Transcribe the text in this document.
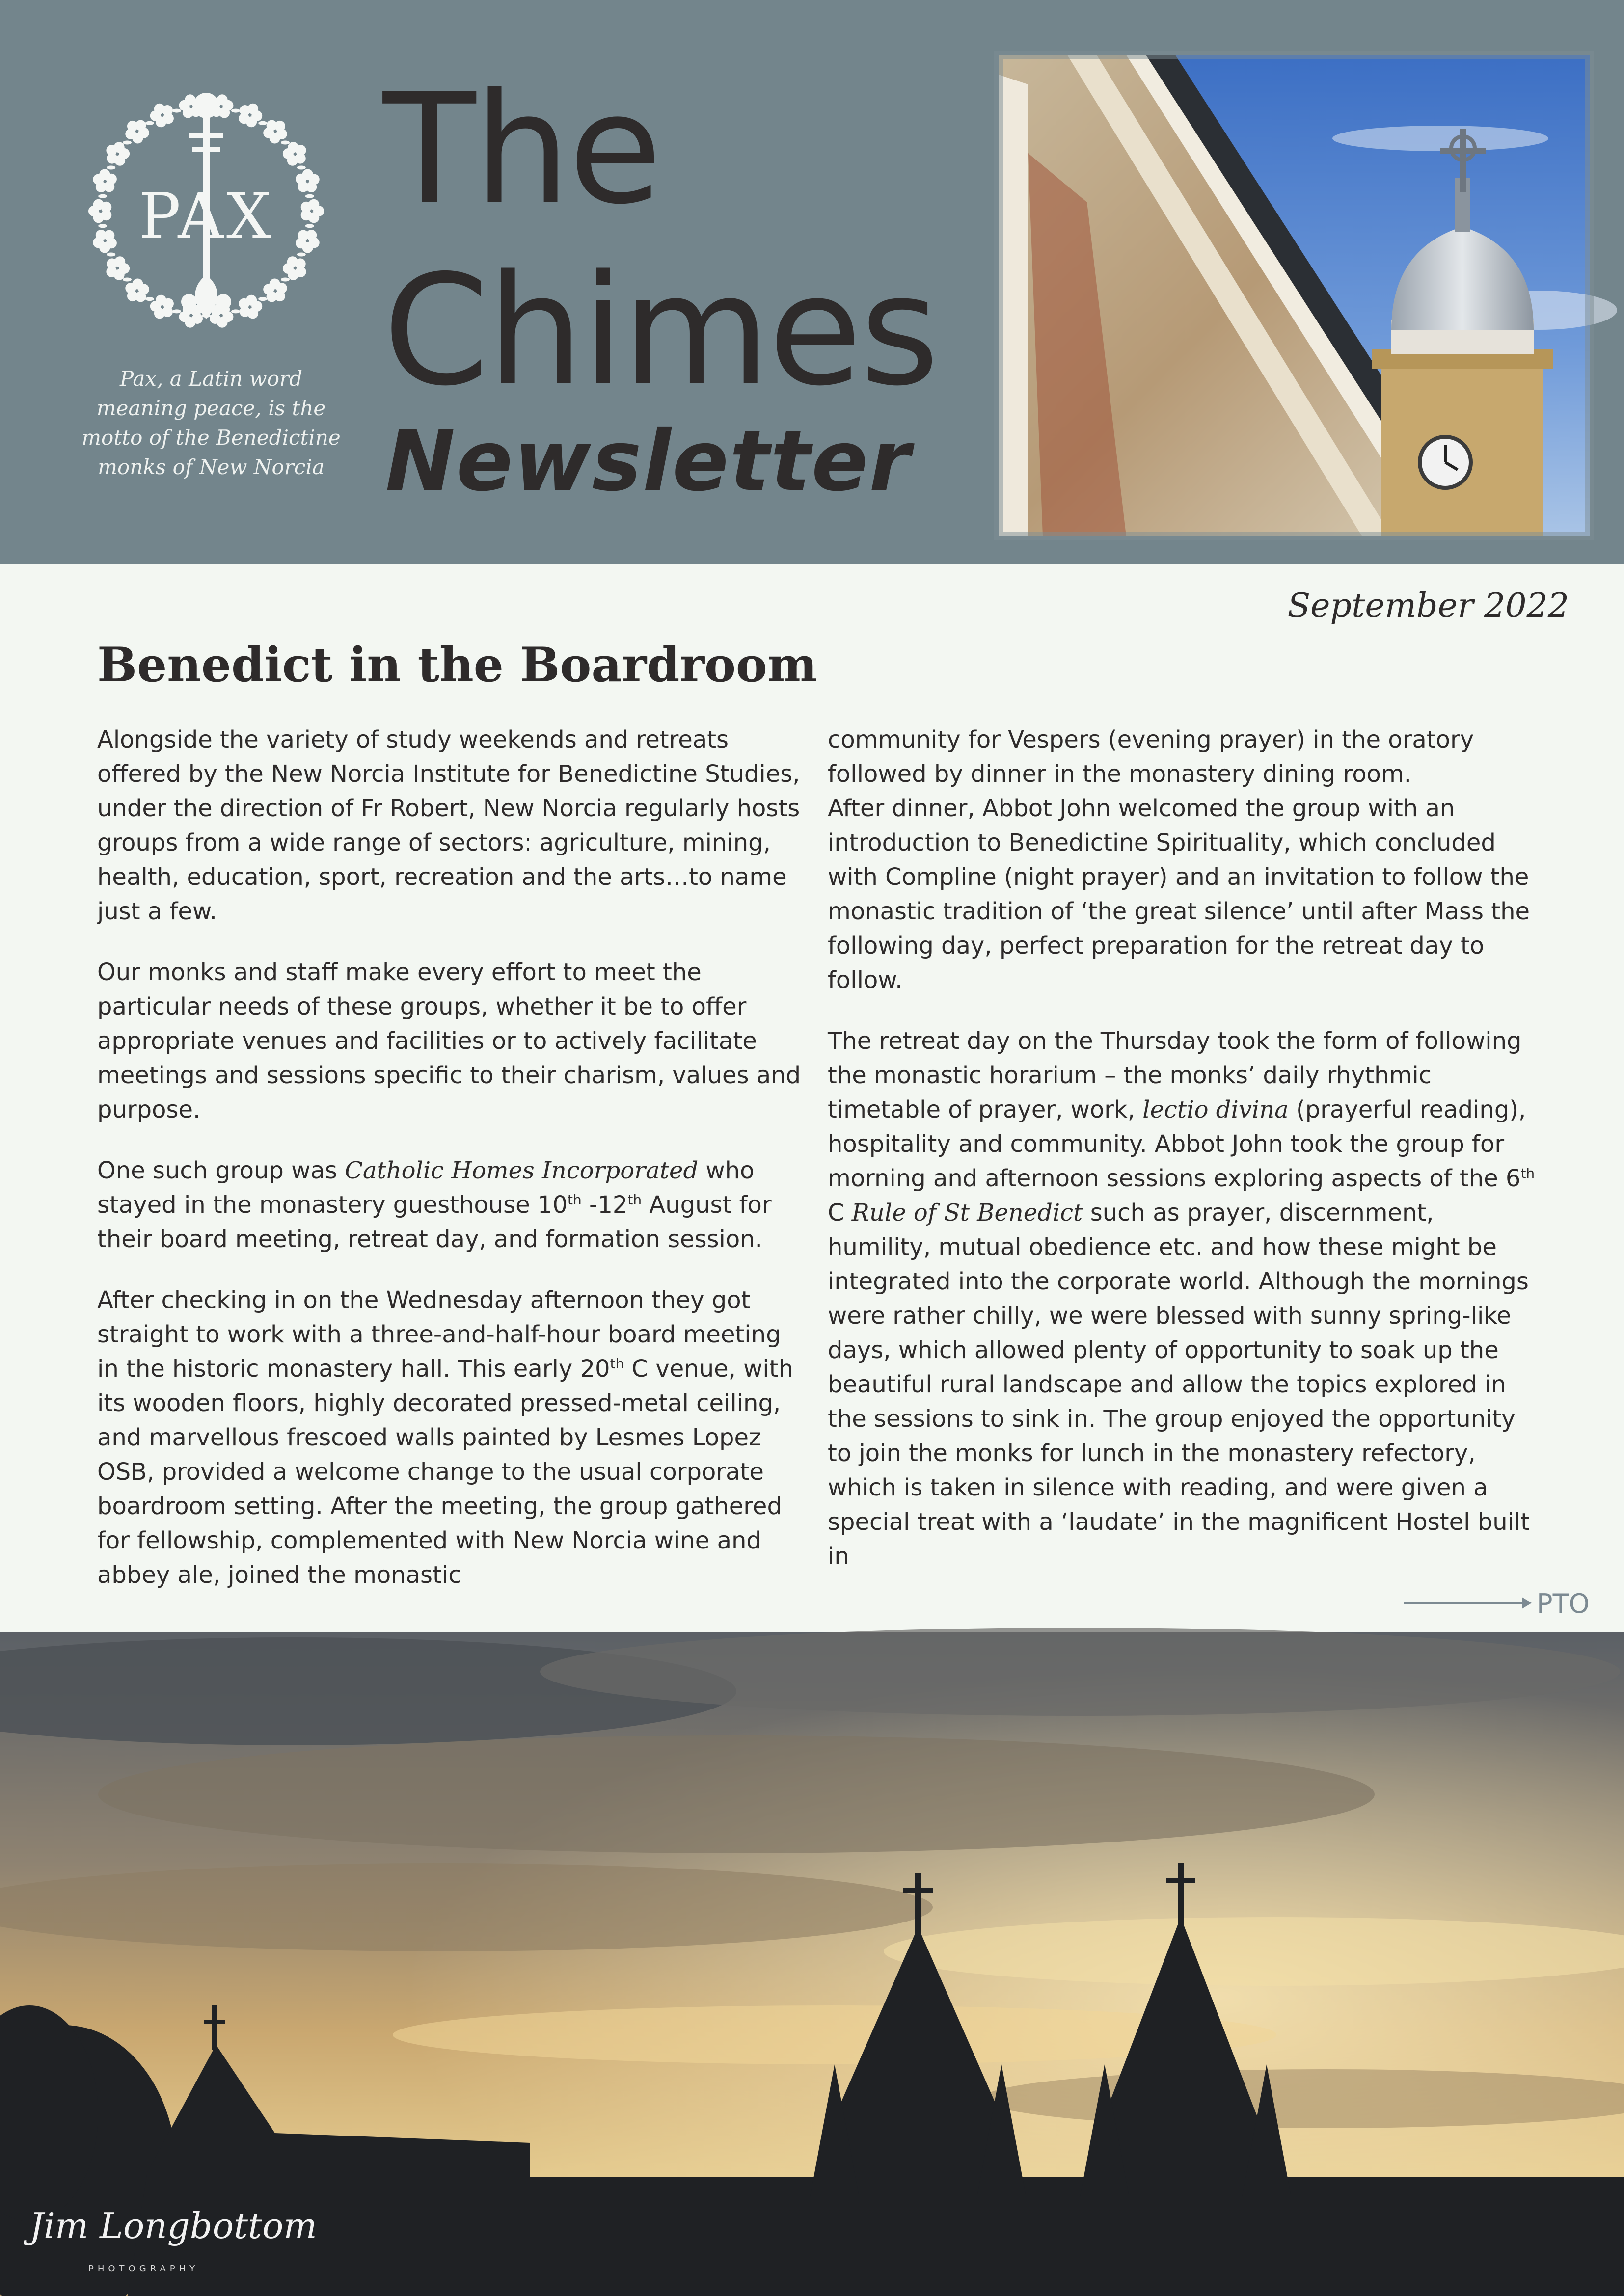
PAX
Pax, a Latin word meaning peace, is the motto of the Benedictine monks of New Norcia
The
Chimes
Newsletter
September 2022
Benedict in the Boardroom

Alongside the variety of study weekends and retreats offered by the New Norcia Institute for Benedictine Studies, under the direction of Fr Robert, New Norcia regularly hosts groups from a wide range of sectors: agriculture, mining, health, education, sport, recreation and the arts…to name just a few.

Our monks and staff make every effort to meet the particular needs of these groups, whether it be to offer appropriate venues and facilities or to actively facilitate meetings and sessions specific to their charism, values and purpose.

One such group was Catholic Homes Incorporated who stayed in the monastery guesthouse 10th -12th August for their board meeting, retreat day, and formation session.

After checking in on the Wednesday afternoon they got straight to work with a three-and-half-hour board meeting in the historic monastery hall. This early 20th C venue, with its wooden floors, highly decorated pressed-metal ceiling, and marvellous frescoed walls painted by Lesmes Lopez OSB, provided a welcome change to the usual corporate boardroom setting. After the meeting, the group gathered for fellowship, complemented with New Norcia wine and abbey ale, joined the monastic

community for Vespers (evening prayer) in the oratory followed by dinner in the monastery dining room.

After dinner, Abbot John welcomed the group with an introduction to Benedictine Spirituality, which concluded with Compline (night prayer) and an invitation to follow the monastic tradition of ‘the great silence’ until after Mass the following day, perfect preparation for the retreat day to follow.

The retreat day on the Thursday took the form of following the monastic horarium – the monks’ daily rhythmic timetable of prayer, work, lectio divina (prayerful reading), hospitality and community. Abbot John took the group for morning and afternoon sessions exploring aspects of the 6th C Rule of St Benedict such as prayer, discernment, humility, mutual obedience etc. and how these might be integrated into the corporate world. Although the mornings were rather chilly, we were blessed with sunny spring-like days, which allowed plenty of opportunity to soak up the beautiful rural landscape and allow the topics explored in the sessions to sink in. The group enjoyed the opportunity to join the monks for lunch in the monastery refectory, which is taken in silence with reading, and were given a special treat with a ‘laudate’ in the magnificent Hostel built in

PTO
Jim Longbottom
PHOTOGRAPHY
